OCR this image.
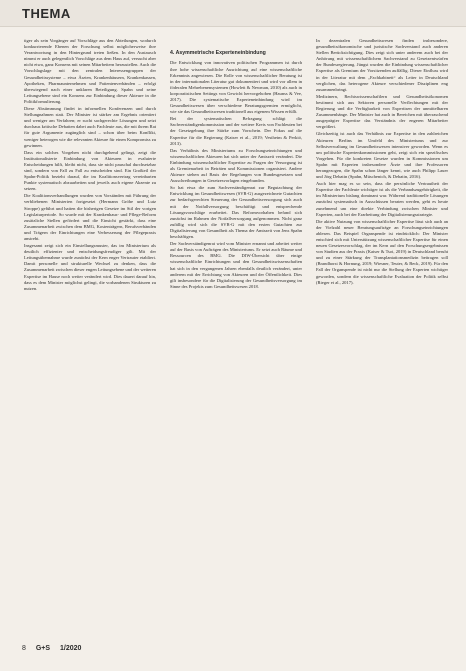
THEMA

tiger als sein Vorgänger auf Vorschläge aus den Abteilungen, wodurch konkurrierende Ebenen der Forschung selbst möglicherweise ihre Verantwortung in den Hintergrund treten ließen. In den Austausch nimmt er auch gelegentlich Vorschläge aus dem Haus auf, versucht aber nicht etwa, ganz Konsens mit seinen Mitarbeitern herzustellen. Auch die Vorschlagslage mit den zentralen Interessengruppen der Gesundheitssysteme – etwa Ärzten, Krankenhäusern, Krankenkassen, Apotheken, Pharmaunternehmen und Patientenverbänden – erfolgt überwiegend nach einer unklaren Beteiligung. Spahn und seine Leitungsebene sind ein Konsens zur Einbindung dieser Akteure in die Politikformulierung.

Diese Abstimmung findet in informellen Konferenzen und durch Stellungnahmen statt. Der Minister ist stärker am Ergebnis orientiert und weniger am Verfahren; er sucht sachgerechte Lösungen und setzt durchaus kritische Debatten dabei auch Fachleute aus, die mit ihrem Rat für gute Argumente zugänglich sind – schon über beim Konflikt, weniger heterogen wie die relevanten Akteure für einen Kompromiss zu gewinnen.

Dass ein solches Vorgehen nicht durchgehend gelingt, zeigt die Institutionalisierte Einbindung von Akteuren in evaluierte Entscheidungen hilft, bleibt nicht, dass sie nicht pauschal durchsetzbar sind, sondern von Fall zu Fall zu entscheiden sind. Ein Großteil der Spahn-Politik bezieht darauf, die im Koalitionsvertrag vereinbarten Punkte systematisch abzuarbeiten und jeweils auch eigene Akzente zu setzen.

Die Koalitionsverhandlungen wurden von Vorständen mit Führung der verbliebenen Ministerien fortgesetzt (Hermann Gröhe und Lutz Stroppe) geführt und hatten die bisherigen Gesetze im Stil der vorigen Legislaturperiode. So wurde mit der Krankenhaus- und Pflege-Reform zusätzliche Stellen gefördert und die Einsicht gestärkt, dass eine Zusammenarbeit zwischen dem BMG, Kostenträgern, Berufsverbänden und Trägern der Einrichtungen eine Verbesserung der Pflegepraxis anstrebt.

Insgesamt zeigt sich ein Einstellungsmuster, das im Ministerium als deutlich effizienter und entscheidungsfreudiger gilt. Mit der Leitungsübernahme wurde zunächst der Kern enger Vertrauter etabliert. Damit personelle und strukturelle Wechsel zu denken, dass die Zusammenarbeit zwischen dieser engen Leitungsebene und der weiteren Expertise im Hause noch weiter verändert wird. Dies dauert darauf hin, dass es dem Minister möglichst gelingt, die vorhandenen Strukturen zu nutzen.

4. Asymmetrische Experteneinbindung

Die Entwicklung von innovativen politischen Programmen ist durch ihre hohe wissenschaftliche Ausrichtung auf eine wissenschaftliche Erkenntnis angewiesen. Die Rolle von wissenschaftlicher Beratung ist in der internationalen Literatur gut dokumentiert und wird vor allem in föderalen Mehrebenensystemen (Howlett & Newman, 2010) als auch in korporatistischen Settings von Gewicht hervorgehoben (Haunss & Vee, 2017). Die systematische Experteneinbindung wird im Gesundheitswesen über verschiedene Beratungsgremien ermöglicht, wie sie das Gesundheitswesen traditionell aus eigenem Wissen erfüllt.

Bei der systematischen Befragung schlägt die Sachverständigenkommission und der weitere Kreis von Fachleuten bei der Gesetzgebung ihre Stärke zum Vorschein. Der Fokus auf die Expertise für die Regierung (Kaiser et al., 2019; Vestheim & Perkiö, 2013).

Das Verhältnis des Ministeriums zu Forschungseinrichtungen und wissenschaftlichen Akteuren hat sich unter der Amtszeit verändert. Die Einbindung wissenschaftlicher Expertise zu Fragen der Versorgung ist als Gremienarbeit in Beiräten und Kommissionen organisiert. Andere Akteure stehen auf Basis der Regelungen von Bundesgesetzen und Ausschreibungen in Gesetzesvorlagen eingebunden.

So hat etwa die zum Sachverständigenrat zur Begutachtung der Entwicklung im Gesundheitswesen (SVR-G) ausgezeichnete Gutachten zur bedarfsgerechten Steuerung der Gesundheitsversorgung sich auch mit der Notfallversorgung beschäftigt und entsprechende Lösungsvorschläge erarbeitet. Das Reformvorhaben befand sich zunächst im Rahmen der Notfallversorgung aufgenommen. Nicht ganz zufällig wird sich die SVR-G mit den ersten Gutachten zur Digitalisierung von Gesundheit als Thema der Amtszeit von Jens Spahn beschäftigen.

Der Sachverständigenrat wird vom Minister ernannt und arbeitet weiter auf der Basis von Aufträgen des Ministeriums. Er setzt auch Räume und Ressourcen des BMG. Die DIW-Übersicht über einige wissenschaftliche Einrichtungen und den Gesundheitswissenschaften hat sich in den vergangenen Jahren ebenfalls deutlich verändert, unter anderem mit der Errichtung von Akteuren und der Öffentlichkeit. Dies gilt insbesondere für die Digitalisierung der Gesundheitsversorgung im Sinne des Projekts zum Gesundheitswesen 2018.

In dezentralen Gesundheitswesen finden insbesondere, gesundheitsökonomische und juristische Sachverstand auch anderen Stellen Berücksichtigung. Dies zeigt sich unter anderem auch bei der Anhörung mit wissenschaftlichem Sachverstand zu Gesetzentwürfen der Bundesregierung. Jüngst wurden die Einbindung wissenschaftlicher Expertise als Gremium der Vorsitzenden auffällig. Dieser Einfluss wird in der Literatur mit dem „Fachkabinett“ als Leiter in Deutschland verglichen, das heterogene Akteure verschiedener Disziplinen eng zusammenbringt.

Medizinern, Rechtswissenschaftlern und Gesundheitsökonomen bestimmt sich aus Sektoren personelle Verflechtungen mit der Regierung und die Verfügbarkeit von Expertisen der unmittelbaren Zusammenhänge. Der Minister hat auch in Bereichen mit überraschend ausgeprägter Expertise das Verständnis der engeren Mitarbeiter vergrößert.

Gleichzeitig ist auch das Verhältnis zur Expertise in den zahlreichen Akteuren Berlins im Umfeld des Ministeriums und zur Selbstverwaltung im Gesundheitswesen intensiver geworden. Wenn es um politische Expertenkommissionen geht, zeigt sich ein spezifisches Vorgehen. Für die konkreten Gesetze wurden in Kommissionen um Spahn mit Experten insbesondere Ärzte und ihre Professoren herangezogen, die Spahn schon länger kennt, wie auch Philipp Lauer und Jörg Debatin (Spahn, Müschenich, & Debatin, 2016).

Auch hier mag es so sein, dass die persönliche Vertrautheit der Expertise der Fachleute wichtiger ist als die Verbandszugehörigkeit, die im Ministerium bislang dominant war. Während traditionelle Lösungen zunächst systematisch in Ausschüssen beraten werden, geht es heute zunehmend um eine direkte Verbindung zwischen Minister und Experten, auch bei der Erarbeitung der Digitalisierungsstrategie.

Die aktive Nutzung von wissenschaftlicher Expertise lässt sich auch an der Vielzahl neuer Beratungsaufträge an Forschungseinrichtungen ablesen. Das Beispiel Organspende ist eindrücklich: Der Minister entschied sich mit Unterstützung wissenschaftlicher Expertise für einen neuen Gesetzesvorschlag, der im Kern auf den Forschungsergebnissen von Studien aus der Praxis (Kaiser & Tsoi, 2019) in Deutschland beruht und zu einer Stärkung der Transplantationsmedizin beitragen soll (Brandhorst & Hornung, 2019; Wiesner, Teuter, & Beck, 2019). Für den Fall der Organspende ist nicht nur die Stellung der Experten wichtiger geworden, sondern die wissenschaftliche Evaluation der Politik selbst (Rieger et al., 2017).

8 G+S 1/2020
